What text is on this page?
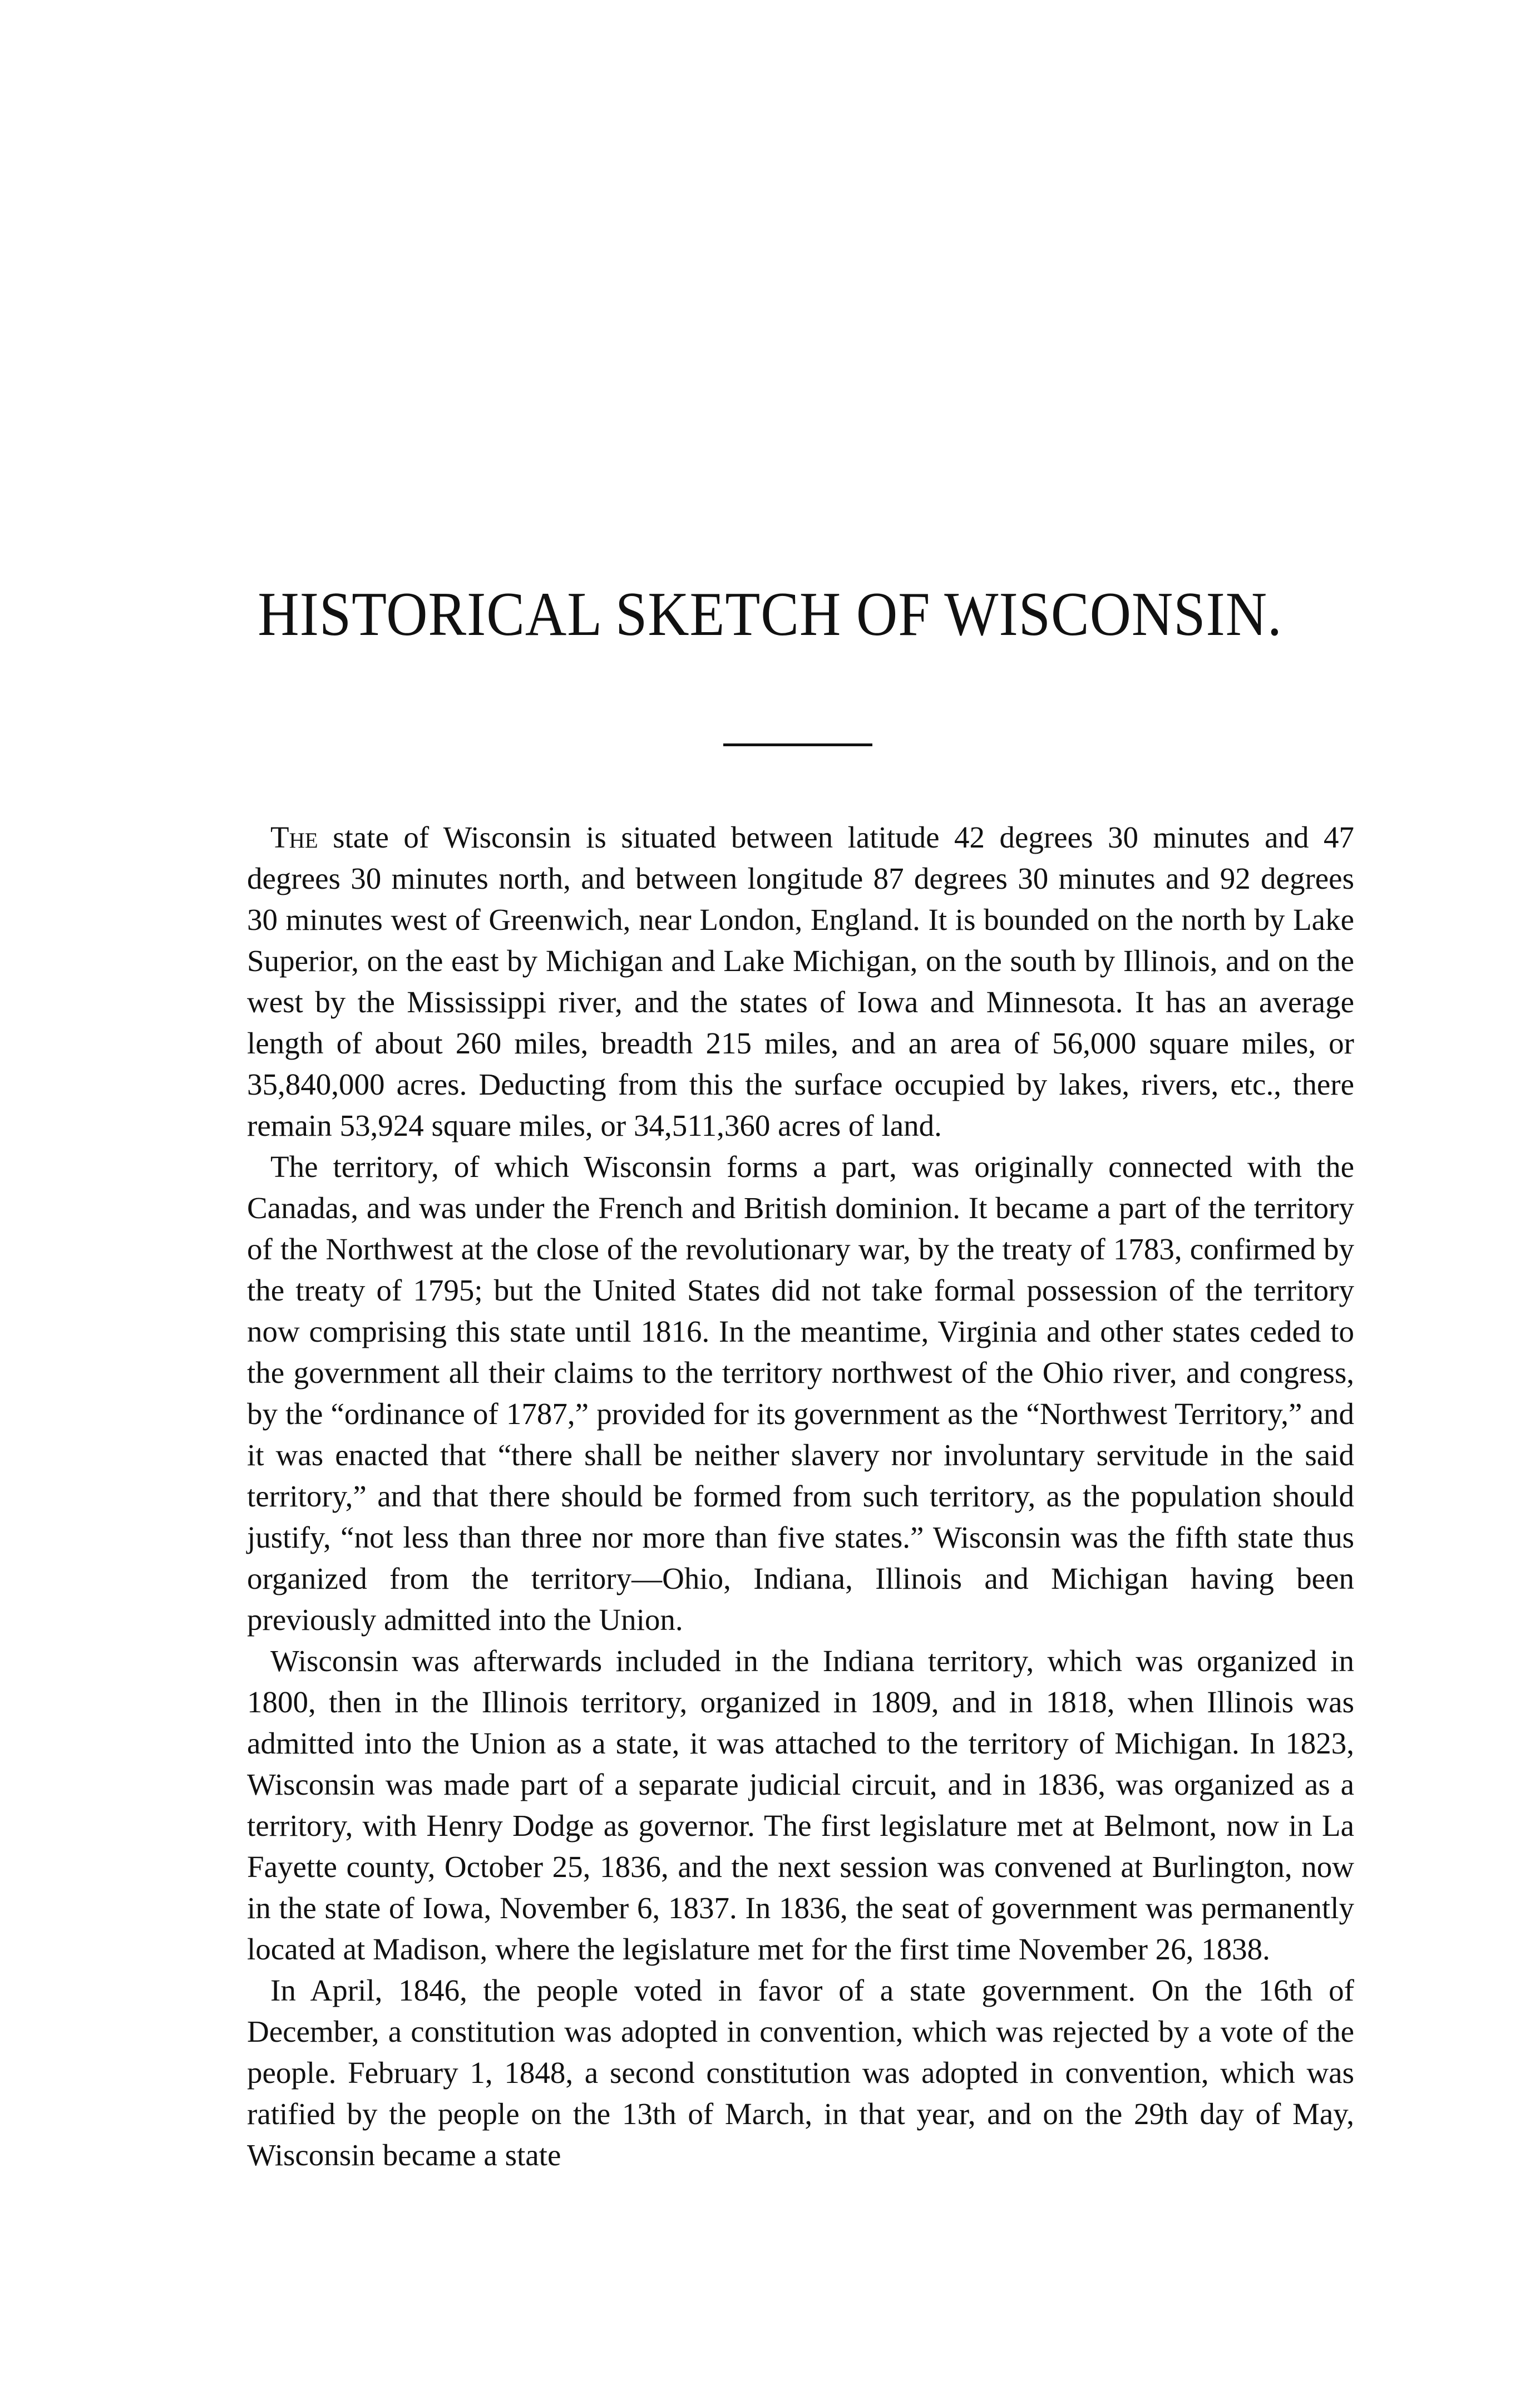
HISTORICAL SKETCH OF WISCONSIN.

The state of Wisconsin is situated between latitude 42 degrees 30 minutes and 47 degrees 30 minutes north, and between longitude 87 degrees 30 minutes and 92 degrees 30 minutes west of Greenwich, near London, England. It is bounded on the north by Lake Superior, on the east by Michigan and Lake Michigan, on the south by Illinois, and on the west by the Mississippi river, and the states of Iowa and Minnesota. It has an average length of about 260 miles, breadth 215 miles, and an area of 56,000 square miles, or 35,840,000 acres. Deducting from this the surface occupied by lakes, rivers, etc., there remain 53,924 square miles, or 34,511,360 acres of land.

The territory, of which Wisconsin forms a part, was originally connected with the Canadas, and was under the French and British dominion. It became a part of the territory of the Northwest at the close of the revolutionary war, by the treaty of 1783, confirmed by the treaty of 1795; but the United States did not take formal possession of the territory now comprising this state until 1816. In the meantime, Virginia and other states ceded to the government all their claims to the territory northwest of the Ohio river, and congress, by the “ordinance of 1787,” provided for its government as the “Northwest Territory,” and it was enacted that “there shall be neither slavery nor involuntary servitude in the said territory,” and that there should be formed from such territory, as the population should justify, “not less than three nor more than five states.” Wisconsin was the fifth state thus organized from the territory—Ohio, Indiana, Illinois and Michigan having been previously admitted into the Union.

Wisconsin was afterwards included in the Indiana territory, which was organized in 1800, then in the Illinois territory, organized in 1809, and in 1818, when Illinois was admitted into the Union as a state, it was attached to the territory of Michigan. In 1823, Wisconsin was made part of a separate judicial circuit, and in 1836, was organized as a territory, with Henry Dodge as governor. The first legislature met at Belmont, now in La Fayette county, October 25, 1836, and the next session was convened at Burlington, now in the state of Iowa, November 6, 1837. In 1836, the seat of government was permanently located at Madison, where the legislature met for the first time November 26, 1838.

In April, 1846, the people voted in favor of a state government. On the 16th of December, a constitution was adopted in convention, which was rejected by a vote of the people. February 1, 1848, a second constitution was adopted in convention, which was ratified by the people on the 13th of March, in that year, and on the 29th day of May, Wisconsin became a state
